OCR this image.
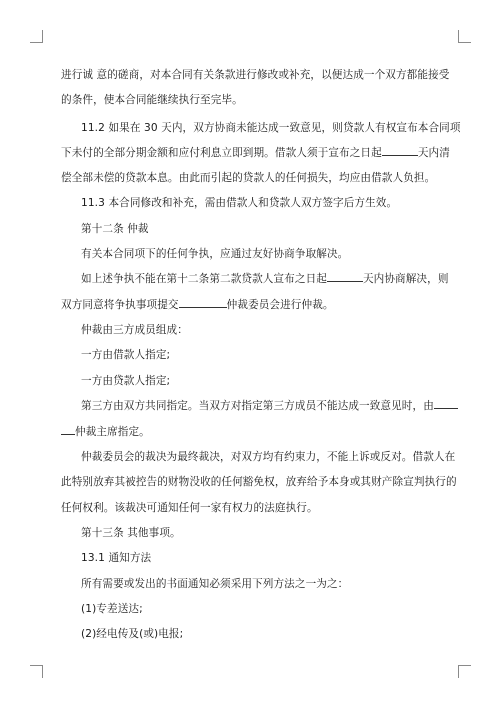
进行诚 意的磋商，对本合同有关条款进行修改或补充，以便达成一个双方都能接受
的条件，使本合同能继续执行至完毕。
11.2 如果在 30 天内，双方协商未能达成一致意见，则贷款人有权宣布本合同项
下未付的全部分期金额和应付利息立即到期。借款人须于宣布之日起	天内清
偿全部未偿的贷款本息。由此而引起的贷款人的任何损失，均应由借款人负担。
11.3 本合同修改和补充，需由借款人和贷款人双方签字后方生效。
第十二条 仲裁
有关本合同项下的任何争执，应通过友好协商争取解决。
如上述争执不能在第十二条第二款贷款人宣布之日起	天内协商解决，则
双方同意将争执事项提交	仲裁委员会进行仲裁。
仲裁由三方成员组成：
一方由借款人指定;
一方由贷款人指定;
第三方由双方共同指定。当双方对指定第三方成员不能达成一致意见时，由
仲裁主席指定。
仲裁委员会的裁决为最终裁决，对双方均有约束力，不能上诉或反对。借款人在
此特别放弃其被控告的财物没收的任何豁免权，放弃给予本身或其财产除宣判执行的
任何权利。该裁决可通知任何一家有权力的法庭执行。
第十三条 其他事项。
13.1 通知方法
所有需要或发出的书面通知必须采用下列方法之一为之：
(1)专差送达;
(2)经电传及(或)电报;
